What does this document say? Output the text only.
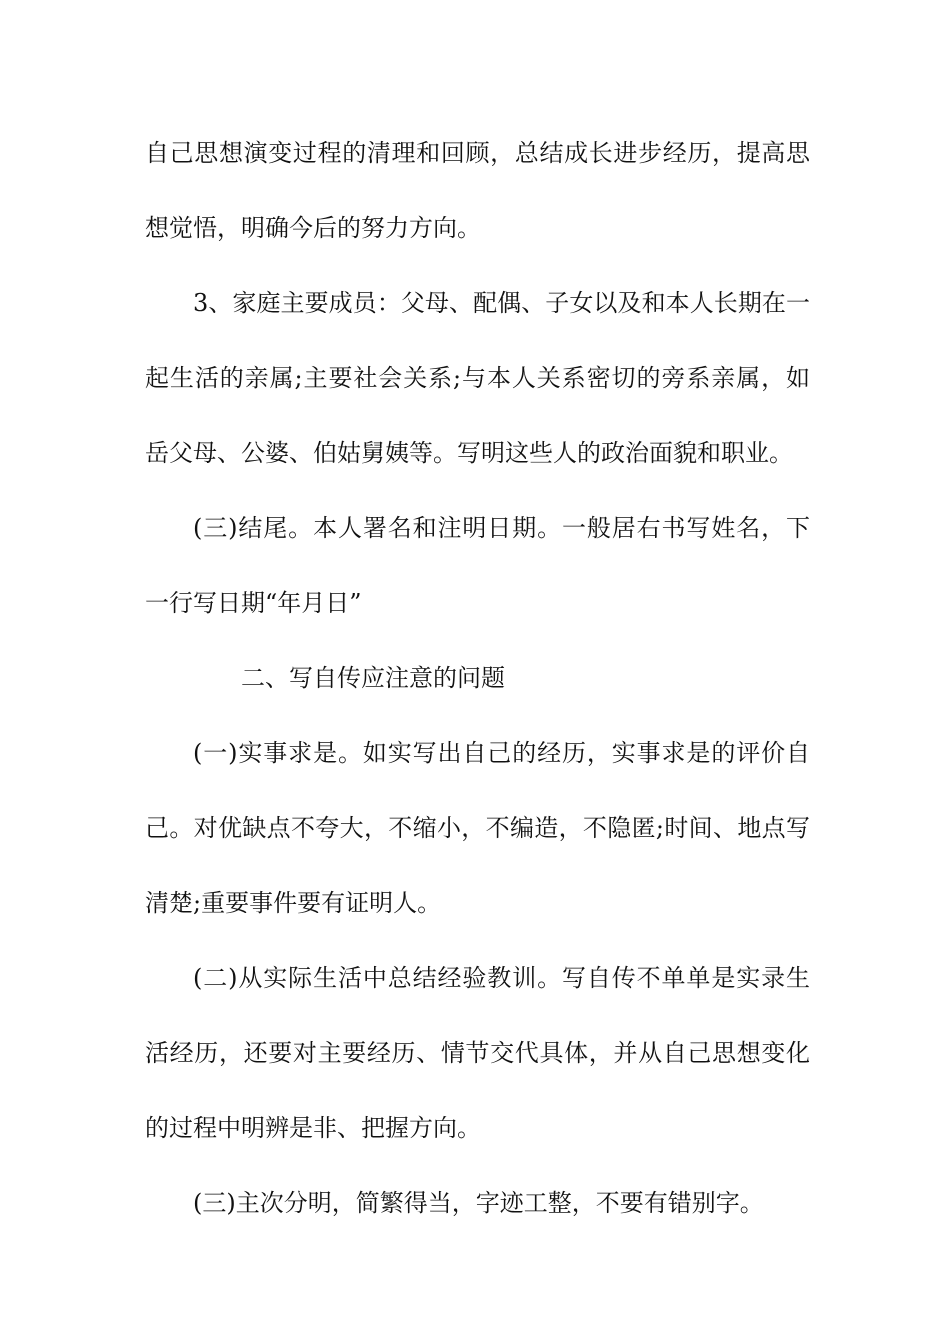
自己思想演变过程的清理和回顾，总结成长进步经历，提高思
想觉悟，明确今后的努力方向。
3、家庭主要成员：父母、配偶、子女以及和本人长期在一
起生活的亲属;主要社会关系;与本人关系密切的旁系亲属，如
岳父母、公婆、伯姑舅姨等。写明这些人的政治面貌和职业。
(三)结尾。本人署名和注明日期。一般居右书写姓名，下
一行写日期“年月日”
二、写自传应注意的问题
(一)实事求是。如实写出自己的经历，实事求是的评价自
己。对优缺点不夸大，不缩小，不编造，不隐匿;时间、地点写
清楚;重要事件要有证明人。
(二)从实际生活中总结经验教训。写自传不单单是实录生
活经历，还要对主要经历、情节交代具体，并从自己思想变化
的过程中明辨是非、把握方向。
(三)主次分明，简繁得当，字迹工整，不要有错别字。
